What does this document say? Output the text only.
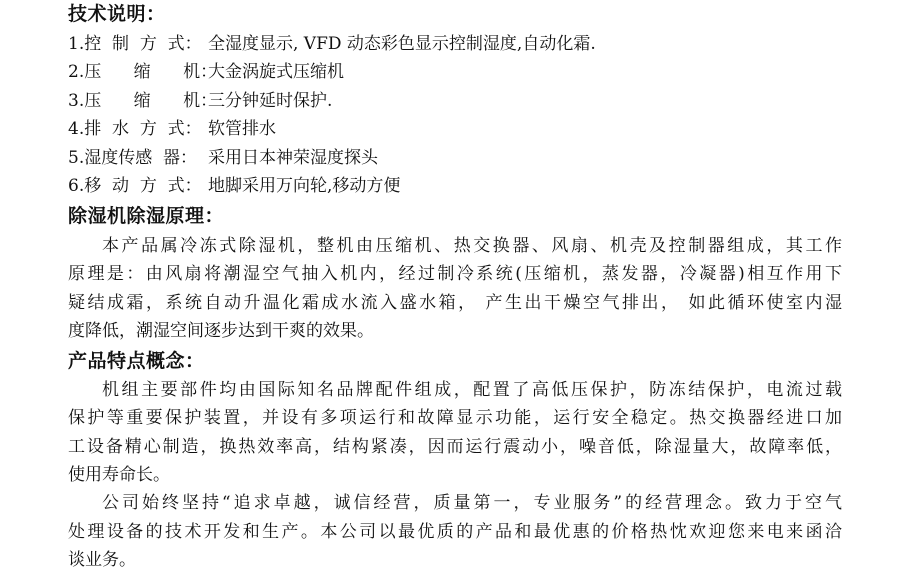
技术说明：
1.控  制  方  式： 全湿度显示, VFD 动态彩色显示控制湿度,自动化霜.
2.压      缩      机：大金涡旋式压缩机
3.压      缩      机：三分钟延时保护.
4.排  水  方  式： 软管排水
5.湿度传感  器： 采用日本神荣湿度探头
6.移  动  方  式： 地脚采用万向轮,移动方便
除湿机除湿原理：
本产品属冷冻式除湿机，整机由压缩机、热交换器、风扇、机壳及控制器组成，其工作
原理是：由风扇将潮湿空气抽入机内，经过制冷系统(压缩机，蒸发器，冷凝器)相互作用下
疑结成霜，系统自动升温化霜成水流入盛水箱， 产生出干燥空气排出， 如此循环使室内湿
度降低，潮湿空间逐步达到干爽的效果。
产品特点概念：
机组主要部件均由国际知名品牌配件组成，配置了高低压保护，防冻结保护，电流过载
保护等重要保护装置，并设有多项运行和故障显示功能，运行安全稳定。热交换器经进口加
工设备精心制造，换热效率高，结构紧凑，因而运行震动小，噪音低，除湿量大，故障率低，
使用寿命长。
公司始终坚持“追求卓越，诚信经营，质量第一，专业服务”的经营理念。致力于空气
处理设备的技术开发和生产。本公司以最优质的产品和最优惠的价格热忱欢迎您来电来函洽
谈业务。
